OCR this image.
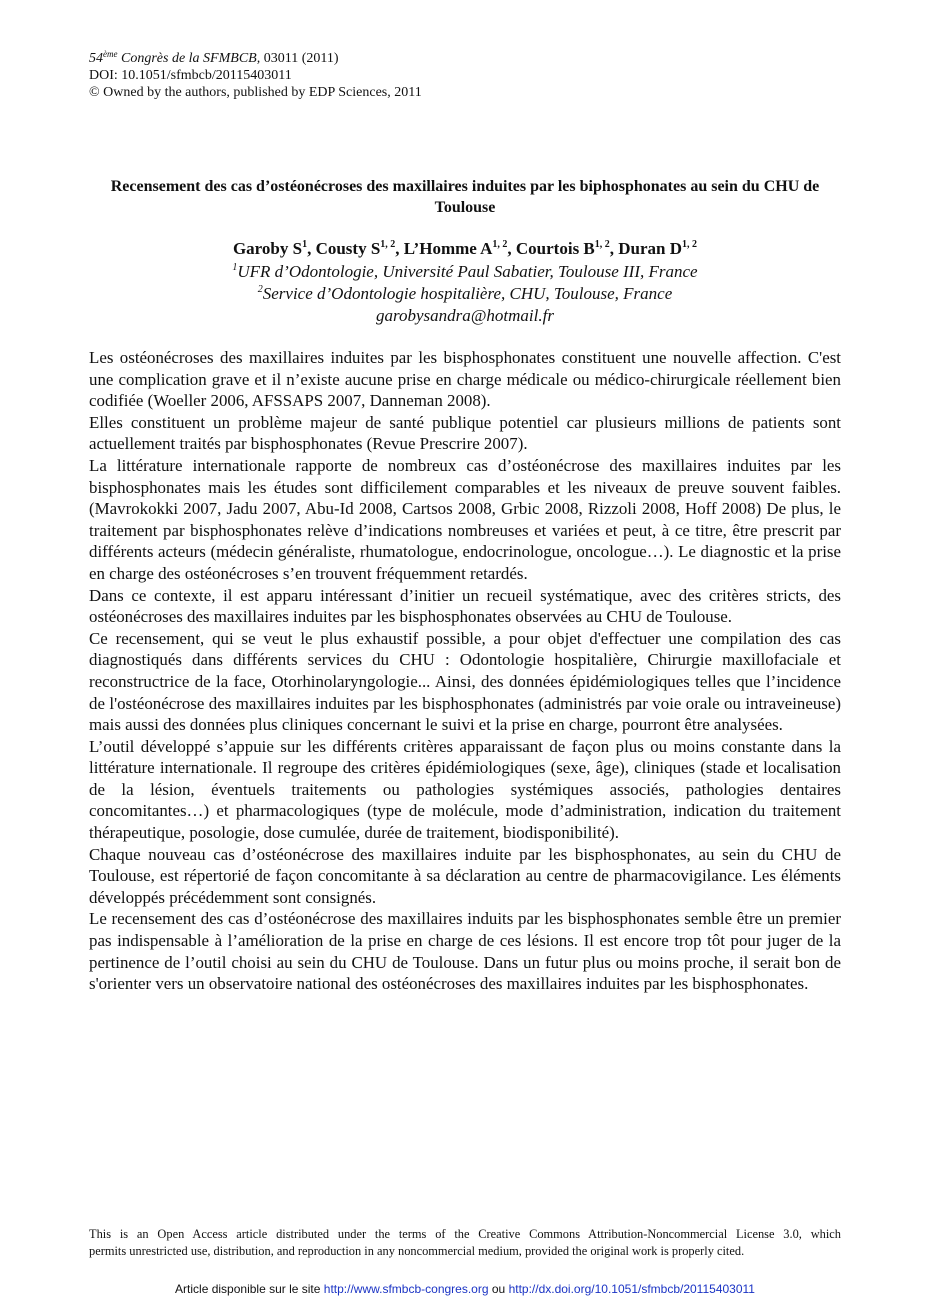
54ème Congrès de la SFMBCB, 03011 (2011)
DOI: 10.1051/sfmbcb/20115403011
© Owned by the authors, published by EDP Sciences, 2011
Recensement des cas d’ostéonécroses des maxillaires induites par les biphosphonates au sein du CHU de Toulouse
Garoby $S^1$, Cousty S$^{1, 2}$, L’Homme A$^{1, 2}$, Courtois B$^{1, 2}$, Duran D$^{1, 2}$
$^1$UFR d’Odontologie, Université Paul Sabatier, Toulouse III, France
$^2$Service d’Odontologie hospitalière, CHU, Toulouse, France
garobysandra@hotmail.fr

Les ostéonécroses des maxillaires induites par les bisphosphonates constituent une nouvelle affection. C'est une complication grave et il n’existe aucune prise en charge médicale ou médico-chirurgicale réellement bien codifiée (Woeller 2006, AFSSAPS 2007, Danneman 2008).

Elles constituent un problème majeur de santé publique potentiel car plusieurs millions de patients sont actuellement traités par bisphosphonates (Revue Prescrire 2007).

La littérature internationale rapporte de nombreux cas d’ostéonécrose des maxillaires induites par les bisphosphonates mais les études sont difficilement comparables et les niveaux de preuve souvent faibles. (Mavrokokki 2007, Jadu 2007, Abu-Id 2008, Cartsos 2008, Grbic 2008, Rizzoli 2008, Hoff 2008) De plus, le traitement par bisphosphonates relève d’indications nombreuses et variées et peut, à ce titre, être prescrit par différents acteurs (médecin généraliste, rhumatologue, endocrinologue, oncologue…). Le diagnostic et la prise en charge des ostéonécroses s’en trouvent fréquemment retardés.

Dans ce contexte, il est apparu intéressant d’initier un recueil systématique, avec des critères stricts, des ostéonécroses des maxillaires induites par les bisphosphonates observées au CHU de Toulouse.

Ce recensement, qui se veut le plus exhaustif possible, a pour objet d'effectuer une compilation des cas diagnostiqués dans différents services du CHU : Odontologie hospitalière, Chirurgie maxillofaciale et reconstructrice de la face, Otorhinolaryngologie... Ainsi, des données épidémiologiques telles que l’incidence de l'ostéonécrose des maxillaires induites par les bisphosphonates (administrés par voie orale ou intraveineuse) mais aussi des données plus cliniques concernant le suivi et la prise en charge, pourront être analysées.

L’outil développé s’appuie sur les différents critères apparaissant de façon plus ou moins constante dans la littérature internationale. Il regroupe des critères épidémiologiques (sexe, âge), cliniques (stade et localisation de la lésion, éventuels traitements ou pathologies systémiques associés, pathologies dentaires concomitantes…) et pharmacologiques (type de molécule, mode d’administration, indication du traitement thérapeutique, posologie, dose cumulée, durée de traitement, biodisponibilité).

Chaque nouveau cas d’ostéonécrose des maxillaires induite par les bisphosphonates, au sein du CHU de Toulouse, est répertorié de façon concomitante à sa déclaration au centre de pharmacovigilance. Les éléments développés précédemment sont consignés.

Le recensement des cas d’ostéonécrose des maxillaires induits par les bisphosphonates semble être un premier pas indispensable à l’amélioration de la prise en charge de ces lésions. Il est encore trop tôt pour juger de la pertinence de l’outil choisi au sein du CHU de Toulouse. Dans un futur plus ou moins proche, il serait bon de s'orienter vers un observatoire national des ostéonécroses des maxillaires induites par les bisphosphonates.

This is an Open Access article distributed under the terms of the Creative Commons Attribution-Noncommercial License 3.0, which

permits unrestricted use, distribution, and reproduction in any noncommercial medium, provided the original work is properly cited.

Article disponible sur le site http://www.sfmbcb-congres.org ou http://dx.doi.org/10.1051/sfmbcb/20115403011
